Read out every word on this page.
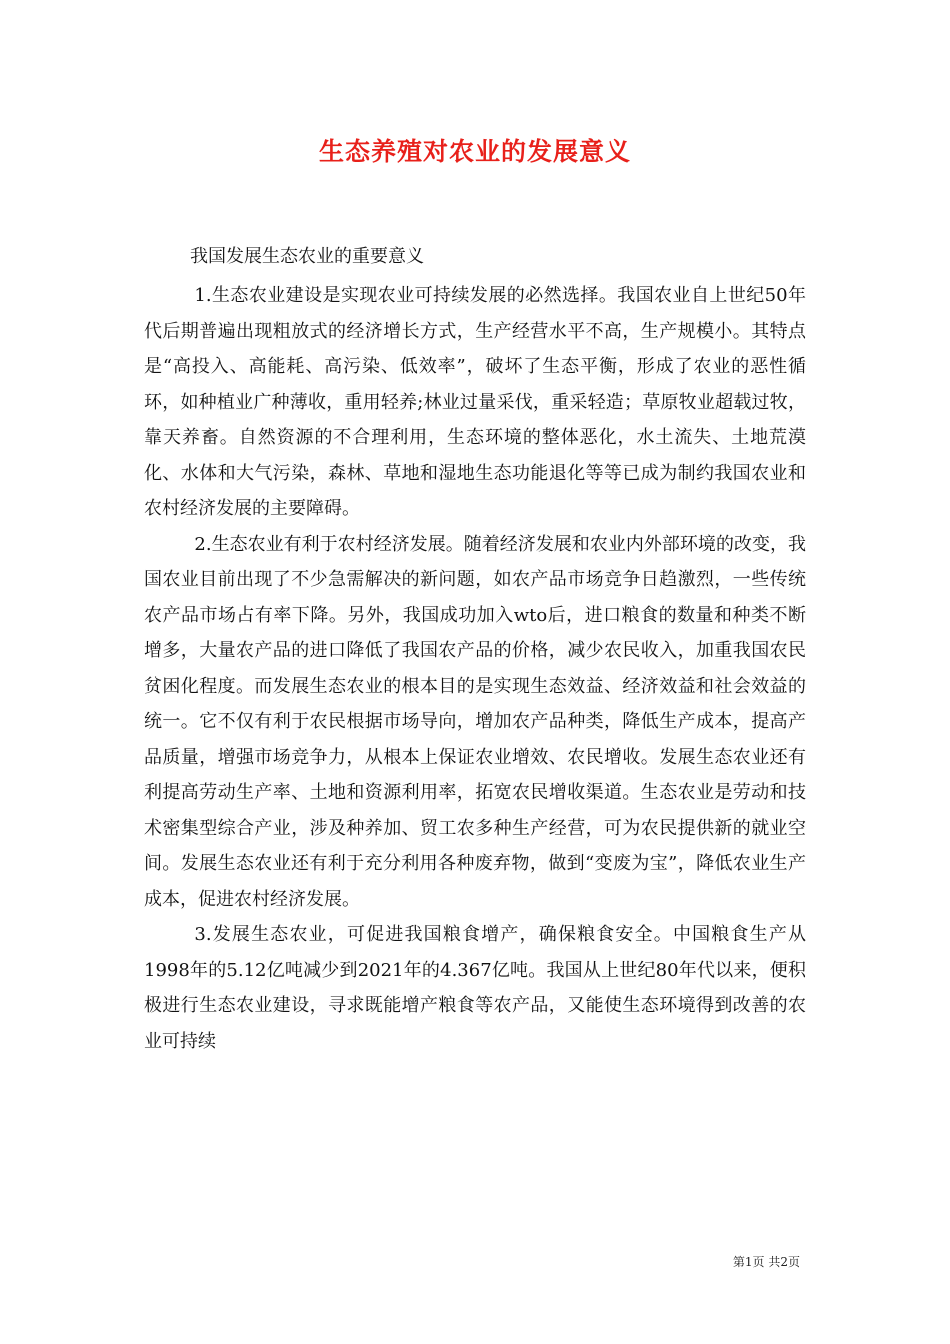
生态养殖对农业的发展意义

我国发展生态农业的重要意义

1.生态农业建设是实现农业可持续发展的必然选择。我国农业自上世纪50年代后期普遍出现粗放式的经济增长方式，生产经营水平不高，生产规模小。其特点是“高投入、高能耗、高污染、低效率”，破坏了生态平衡，形成了农业的恶性循环，如种植业广种薄收，重用轻养;林业过量采伐，重采轻造；草原牧业超载过牧，靠天养畜。自然资源的不合理利用，生态环境的整体恶化，水土流失、土地荒漠化、水体和大气污染，森林、草地和湿地生态功能退化等等已成为制约我国农业和农村经济发展的主要障碍。

2.生态农业有利于农村经济发展。随着经济发展和农业内外部环境的改变，我国农业目前出现了不少急需解决的新问题，如农产品市场竞争日趋激烈，一些传统农产品市场占有率下降。另外，我国成功加入wto后，进口粮食的数量和种类不断增多，大量农产品的进口降低了我国农产品的价格，减少农民收入，加重我国农民贫困化程度。而发展生态农业的根本目的是实现生态效益、经济效益和社会效益的统一。它不仅有利于农民根据市场导向，增加农产品种类，降低生产成本，提高产品质量，增强市场竞争力，从根本上保证农业增效、农民增收。发展生态农业还有利提高劳动生产率、土地和资源利用率，拓宽农民增收渠道。生态农业是劳动和技术密集型综合产业，涉及种养加、贸工农多种生产经营，可为农民提供新的就业空间。发展生态农业还有利于充分利用各种废弃物，做到“变废为宝”，降低农业生产成本，促进农村经济发展。

3.发展生态农业，可促进我国粮食增产，确保粮食安全。中国粮食生产从1998年的5.12亿吨减少到2021年的4.367亿吨。我国从上世纪80年代以来，便积极进行生态农业建设，寻求既能增产粮食等农产品，又能使生态环境得到改善的农业可持续

第1页 共2页
